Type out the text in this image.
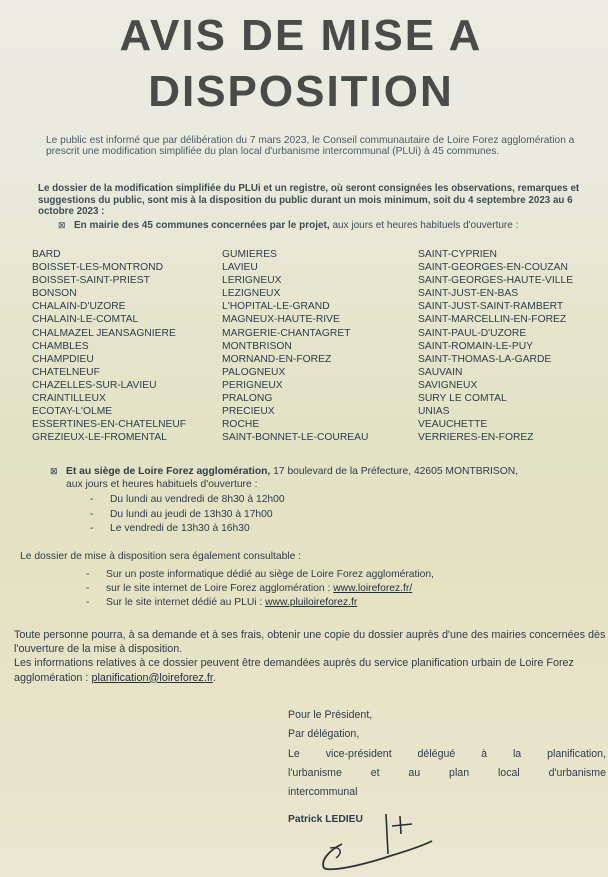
AVIS DE MISE A
DISPOSITION
Le public est informé que par délibération du 7 mars 2023, le Conseil communautaire de Loire Forez agglomération a prescrit une modification simplifiée du plan local d'urbanisme intercommunal (PLUi) à 45 communes.
Le dossier de la modification simplifiée du PLUi et un registre, où seront consignées les observations, remarques et suggestions du public, sont mis à la disposition du public durant un mois minimum, soit du 4 septembre 2023 au 6 octobre 2023 :
⊠ En mairie des 45 communes concernées par le projet, aux jours et heures habituels d'ouverture :
BARD
BOISSET-LES-MONTROND
BOISSET-SAINT-PRIEST
BONSON
CHALAIN-D'UZORE
CHALAIN-LE-COMTAL
CHALMAZEL JEANSAGNIERE
CHAMBLES
CHAMPDIEU
CHATELNEUF
CHAZELLES-SUR-LAVIEU
CRAINTILLEUX
ECOTAY-L'OLME
ESSERTINES-EN-CHATELNEUF
GREZIEUX-LE-FROMENTAL
GUMIERES
LAVIEU
LERIGNEUX
LEZIGNEUX
L'HOPITAL-LE-GRAND
MAGNEUX-HAUTE-RIVE
MARGERIE-CHANTAGRET
MONTBRISON
MORNAND-EN-FOREZ
PALOGNEUX
PERIGNEUX
PRALONG
PRECIEUX
ROCHE
SAINT-BONNET-LE-COUREAU
SAINT-CYPRIEN
SAINT-GEORGES-EN-COUZAN
SAINT-GEORGES-HAUTE-VILLE
SAINT-JUST-EN-BAS
SAINT-JUST-SAINT-RAMBERT
SAINT-MARCELLIN-EN-FOREZ
SAINT-PAUL-D'UZORE
SAINT-ROMAIN-LE-PUY
SAINT-THOMAS-LA-GARDE
SAUVAIN
SAVIGNEUX
SURY LE COMTAL
UNIAS
VEAUCHETTE
VERRIERES-EN-FOREZ
⊠ Et au siège de Loire Forez agglomération, 17 boulevard de la Préfecture, 42605 MONTBRISON,
aux jours et heures habituels d'ouverture :
- Du lundi au vendredi de 8h30 à 12h00
- Du lundi au jeudi de 13h30 à 17h00
- Le vendredi de 13h30 à 16h30
Le dossier de mise à disposition sera également consultable :
- Sur un poste informatique dédié au siège de Loire Forez agglomération,
- sur le site internet de Loire Forez agglomération : www.loireforez.fr/
- Sur le site internet dédié au PLUi : www.pluiloireforez.fr
Toute personne pourra, à sa demande et à ses frais, obtenir une copie du dossier auprès d'une des mairies concernées dès l'ouverture de la mise à disposition.
Les informations relatives à ce dossier peuvent être demandées auprès du service planification urbain de Loire Forez agglomération : planification@loireforez.fr.
Pour le Président,
Par délégation,
Le vice-président délégué à la planification,
l'urbanisme et au plan local d'urbanisme
intercommunal
Patrick LEDIEU
